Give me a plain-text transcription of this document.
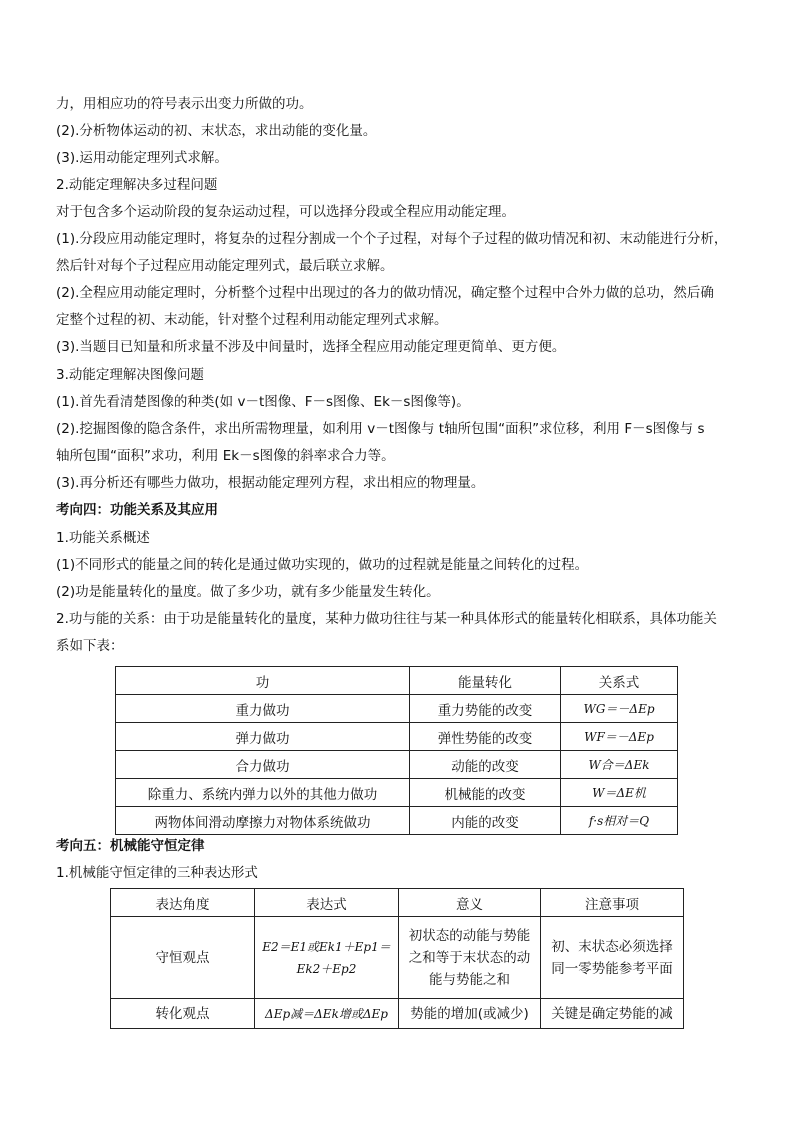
力，用相应功的符号表示出变力所做的功。
(2).分析物体运动的初、末状态，求出动能的变化量。
(3).运用动能定理列式求解。
2.动能定理解决多过程问题
对于包含多个运动阶段的复杂运动过程，可以选择分段或全程应用动能定理。
(1).分段应用动能定理时，将复杂的过程分割成一个个子过程，对每个子过程的做功情况和初、末动能进行分析，
然后针对每个子过程应用动能定理列式，最后联立求解。
(2).全程应用动能定理时，分析整个过程中出现过的各力的做功情况，确定整个过程中合外力做的总功，然后确
定整个过程的初、末动能，针对整个过程利用动能定理列式求解。
(3).当题目已知量和所求量不涉及中间量时，选择全程应用动能定理更简单、更方便。
3.动能定理解决图像问题
(1).首先看清楚图像的种类(如 v－t图像、F－s图像、Ek－s图像等)。
(2).挖掘图像的隐含条件，求出所需物理量，如利用 v－t图像与 t轴所包围“面积”求位移，利用 F－s图像与 s
轴所包围“面积”求功，利用 Ek－s图像的斜率求合力等。
(3).再分析还有哪些力做功，根据动能定理列方程，求出相应的物理量。
考向四：功能关系及其应用
1.功能关系概述
(1)不同形式的能量之间的转化是通过做功实现的，做功的过程就是能量之间转化的过程。
(2)功是能量转化的量度。做了多少功，就有多少能量发生转化。
2.功与能的关系：由于功是能量转化的量度，某种力做功往往与某一种具体形式的能量转化相联系，具体功能关
系如下表：
功	能量转化	关系式
重力做功	重力势能的改变	WG＝－ΔEp
弹力做功	弹性势能的改变	WF＝－ΔEp
合力做功	动能的改变	W合＝ΔEk
除重力、系统内弹力以外的其他力做功	机械能的改变	W＝ΔE机
两物体间滑动摩擦力对物体系统做功	内能的改变	f·s相对＝Q
考向五：机械能守恒定律
1.机械能守恒定律的三种表达形式
表达角度	表达式	意义	注意事项
守恒观点	E2＝E1或Ek1＋Ep1＝Ek2＋Ep2	初状态的动能与势能之和等于末状态的动能与势能之和	初、末状态必须选择同一零势能参考平面
转化观点	ΔEp减＝ΔEk增或ΔEp	势能的增加(或减少)	关键是确定势能的减
